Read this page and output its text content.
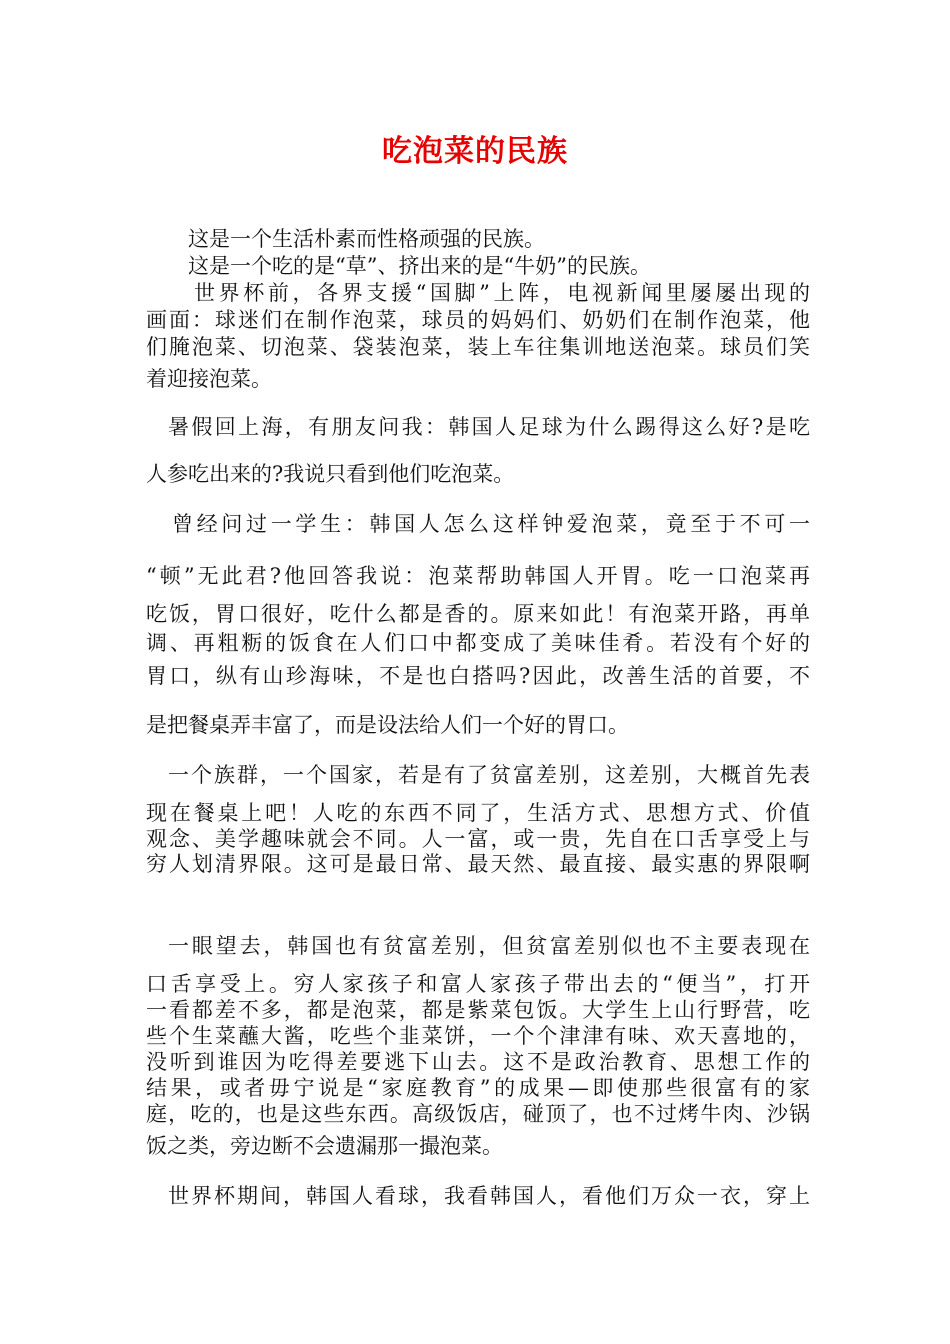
吃泡菜的民族
这是一个生活朴素而性格顽强的民族。
这是一个吃的是“草”、挤出来的是“牛奶”的民族。
世界杯前，各界支援“国脚”上阵，电视新闻里屡屡出现的
画面：球迷们在制作泡菜，球员的妈妈们、奶奶们在制作泡菜，他
们腌泡菜、切泡菜、袋装泡菜，装上车往集训地送泡菜。球员们笑
着迎接泡菜。
暑假回上海，有朋友问我：韩国人足球为什么踢得这么好?是吃
人参吃出来的?我说只看到他们吃泡菜。
曾经问过一学生：韩国人怎么这样钟爱泡菜，竟至于不可一
“顿”无此君?他回答我说：泡菜帮助韩国人开胃。吃一口泡菜再
吃饭，胃口很好，吃什么都是香的。原来如此！有泡菜开路，再单
调、再粗粝的饭食在人们口中都变成了美味佳肴。若没有个好的
胃口，纵有山珍海味，不是也白搭吗?因此，改善生活的首要，不
是把餐桌弄丰富了，而是设法给人们一个好的胃口。
一个族群，一个国家，若是有了贫富差别，这差别，大概首先表
现在餐桌上吧！人吃的东西不同了，生活方式、思想方式、价值
观念、美学趣味就会不同。人一富，或一贵，先自在口舌享受上与
穷人划清界限。这可是最日常、最天然、最直接、最实惠的界限啊
一眼望去，韩国也有贫富差别，但贫富差别似也不主要表现在
口舌享受上。穷人家孩子和富人家孩子带出去的“便当”，打开
一看都差不多，都是泡菜，都是紫菜包饭。大学生上山行野营，吃
些个生菜蘸大酱，吃些个韭菜饼，一个个津津有味、欢天喜地的，
没听到谁因为吃得差要逃下山去。这不是政治教育、思想工作的
结果，或者毋宁说是“家庭教育”的成果—即使那些很富有的家
庭，吃的，也是这些东西。高级饭店，碰顶了，也不过烤牛肉、沙锅
饭之类，旁边断不会遗漏那一撮泡菜。
世界杯期间，韩国人看球，我看韩国人，看他们万众一衣，穿上
